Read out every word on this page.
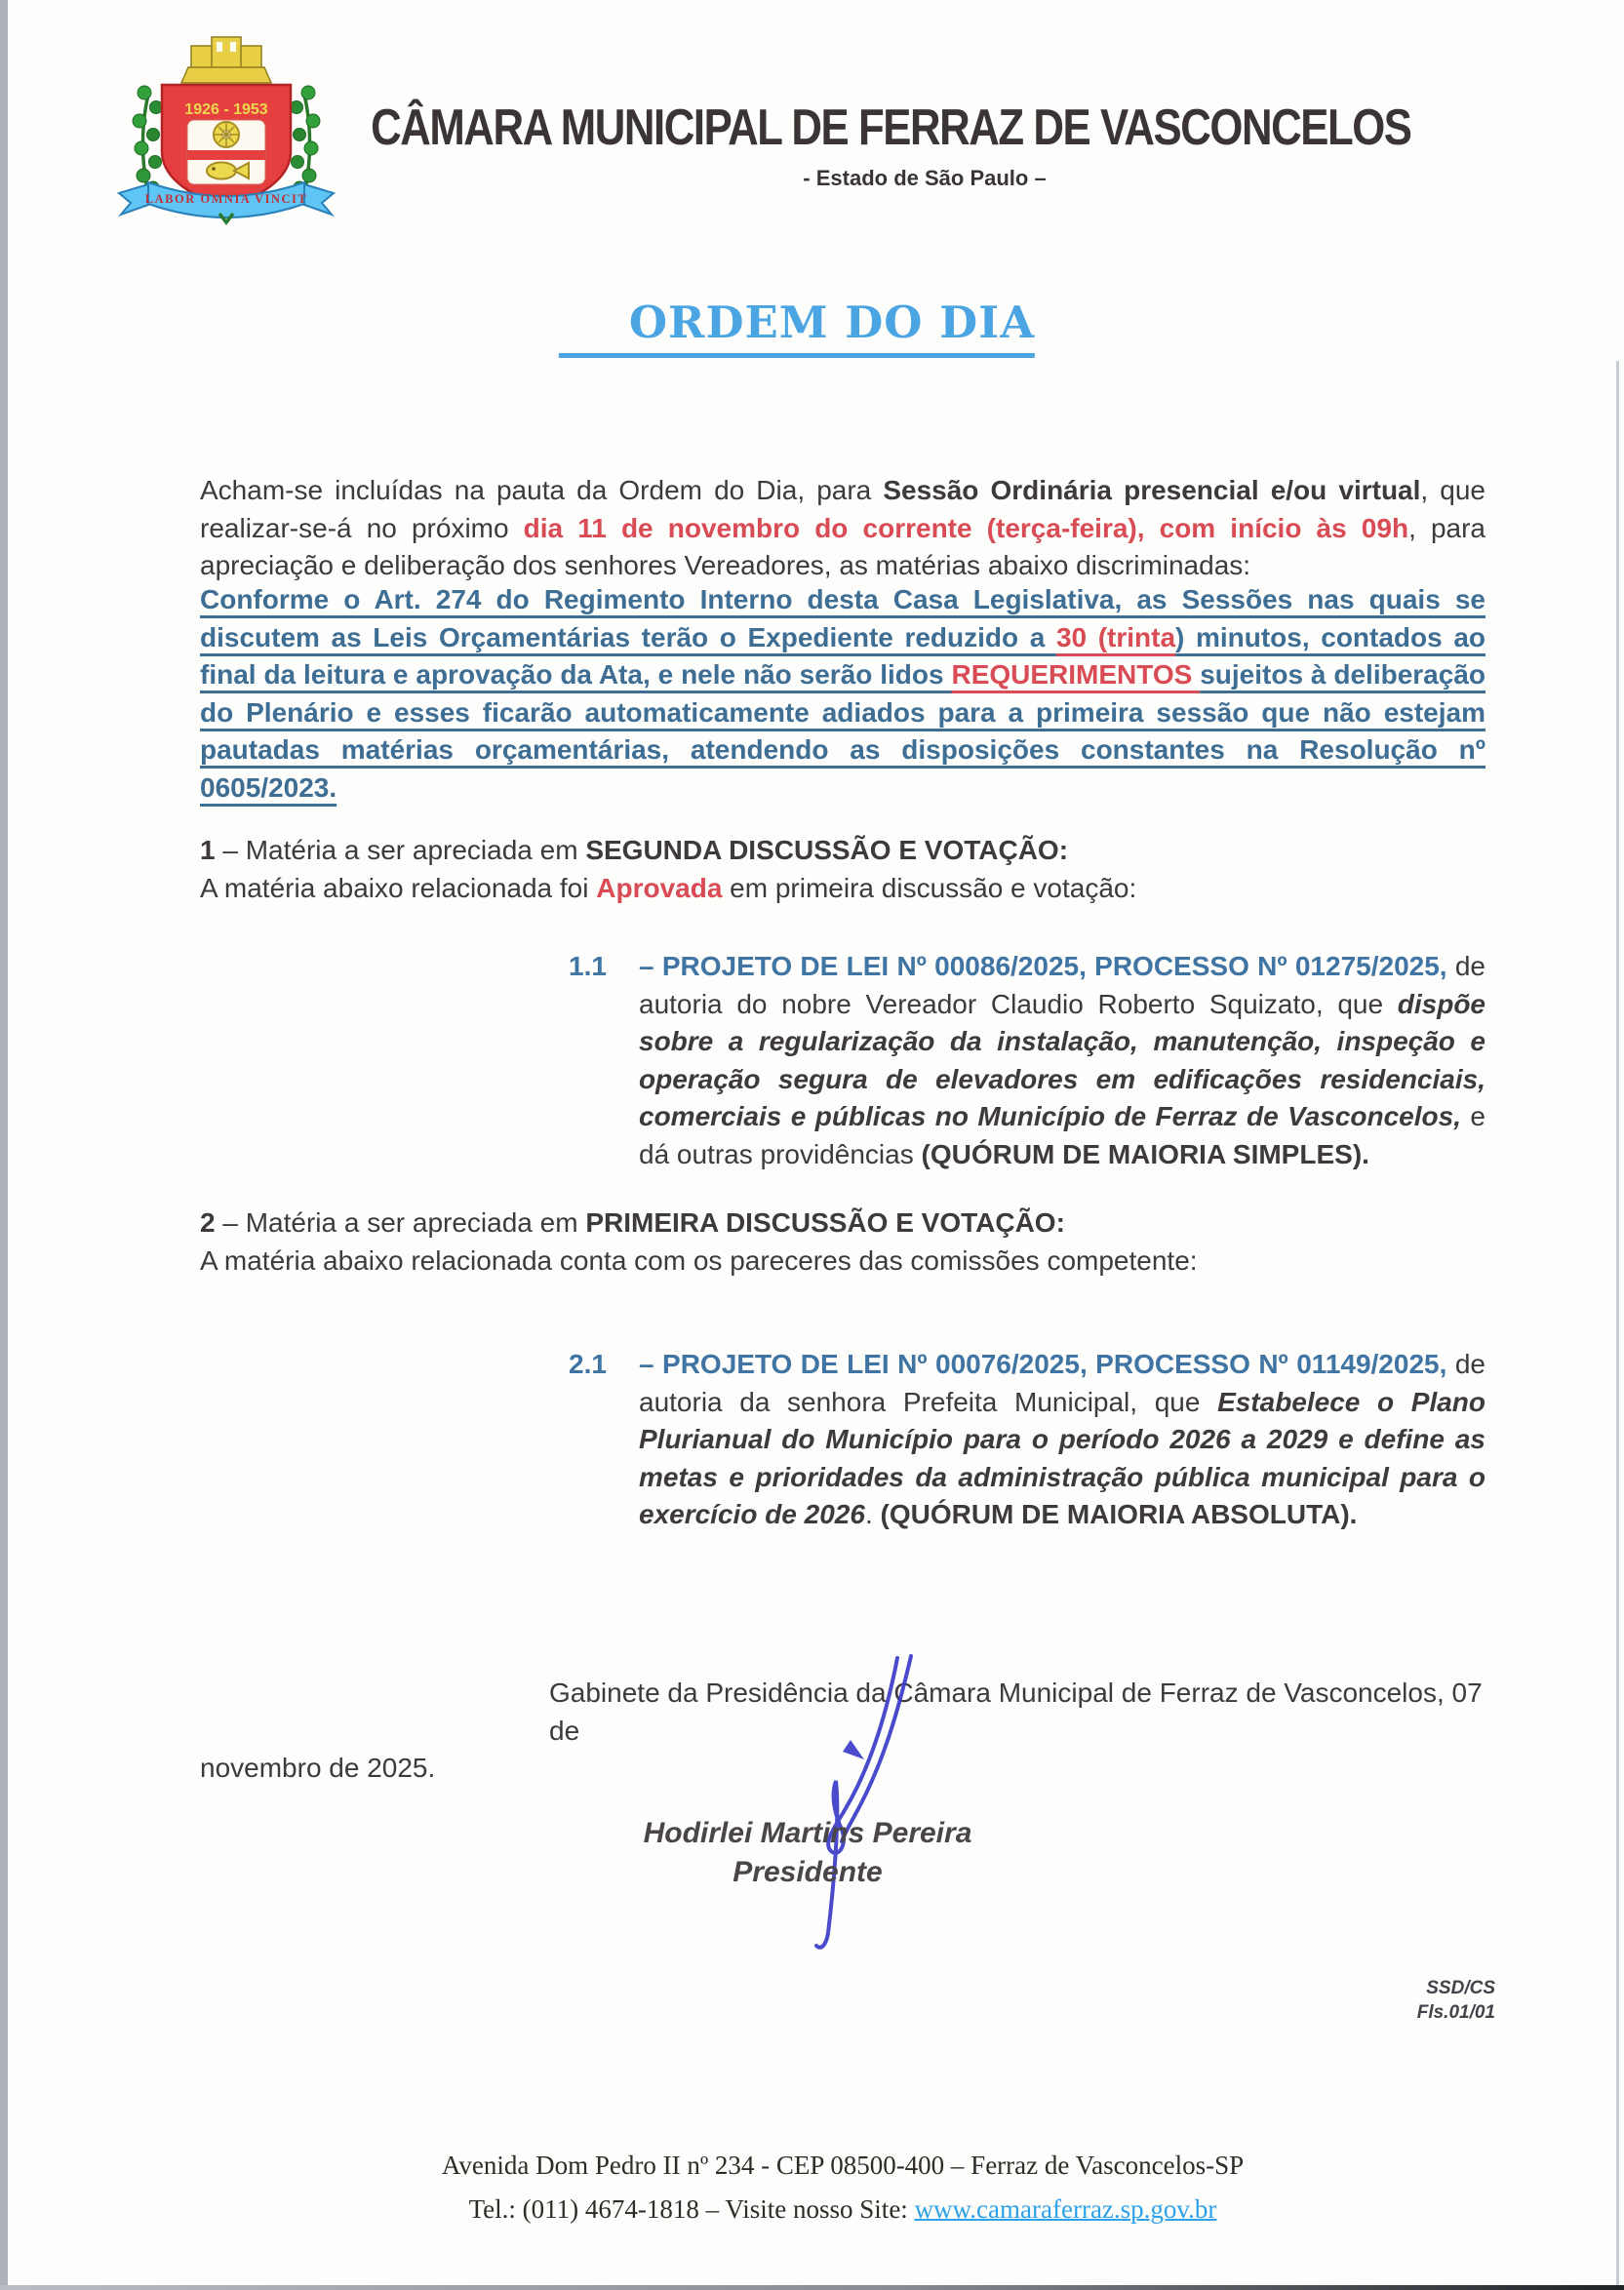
1926 - 1953
LABOR OMNIA VINCIT
CÂMARA MUNICIPAL DE FERRAZ DE VASCONCELOS
- Estado de São Paulo –
ORDEM DO DIA
Acham-se incluídas na pauta da Ordem do Dia, para Sessão Ordinária presencial e/ou virtual, que realizar-se-á no próximo dia 11 de novembro do corrente (terça-feira), com início às 09h, para apreciação e deliberação dos senhores Vereadores, as matérias abaixo discriminadas:
Conforme o Art. 274 do Regimento Interno desta Casa Legislativa, as Sessões nas quais se discutem as Leis Orçamentárias terão o Expediente reduzido a 30 (trinta) minutos, contados ao final da leitura e aprovação da Ata, e nele não serão lidos REQUERIMENTOS sujeitos à deliberação do Plenário e esses ficarão automaticamente adiados para a primeira sessão que não estejam pautadas matérias orçamentárias, atendendo as disposições constantes na Resolução nº 0605/2023.
1 – Matéria a ser apreciada em SEGUNDA DISCUSSÃO E VOTAÇÃO:
A matéria abaixo relacionada foi Aprovada em primeira discussão e votação:
1.1	– PROJETO DE LEI Nº 00086/2025, PROCESSO Nº 01275/2025, de autoria do nobre Vereador Claudio Roberto Squizato, que dispõe sobre a regularização da instalação, manutenção, inspeção e operação segura de elevadores em edificações residenciais, comerciais e públicas no Município de Ferraz de Vasconcelos, e dá outras providências (QUÓRUM DE MAIORIA SIMPLES).
2 – Matéria a ser apreciada em PRIMEIRA DISCUSSÃO E VOTAÇÃO:
A matéria abaixo relacionada conta com os pareceres das comissões competente:
2.1	– PROJETO DE LEI Nº 00076/2025, PROCESSO Nº 01149/2025, de autoria da senhora Prefeita Municipal, que Estabelece o Plano Plurianual do Município para o período 2026 a 2029 e define as metas e prioridades da administração pública municipal para o exercício de 2026. (QUÓRUM DE MAIORIA ABSOLUTA).
Gabinete da Presidência da Câmara Municipal de Ferraz de Vasconcelos, 07 de
novembro de 2025.
Hodirlei Martins Pereira
Presidente
SSD/CS
Fls.01/01
Avenida Dom Pedro II nº 234 - CEP 08500-400 – Ferraz de Vasconcelos-SP
Tel.: (011) 4674-1818 – Visite nosso Site: www.camaraferraz.sp.gov.br
